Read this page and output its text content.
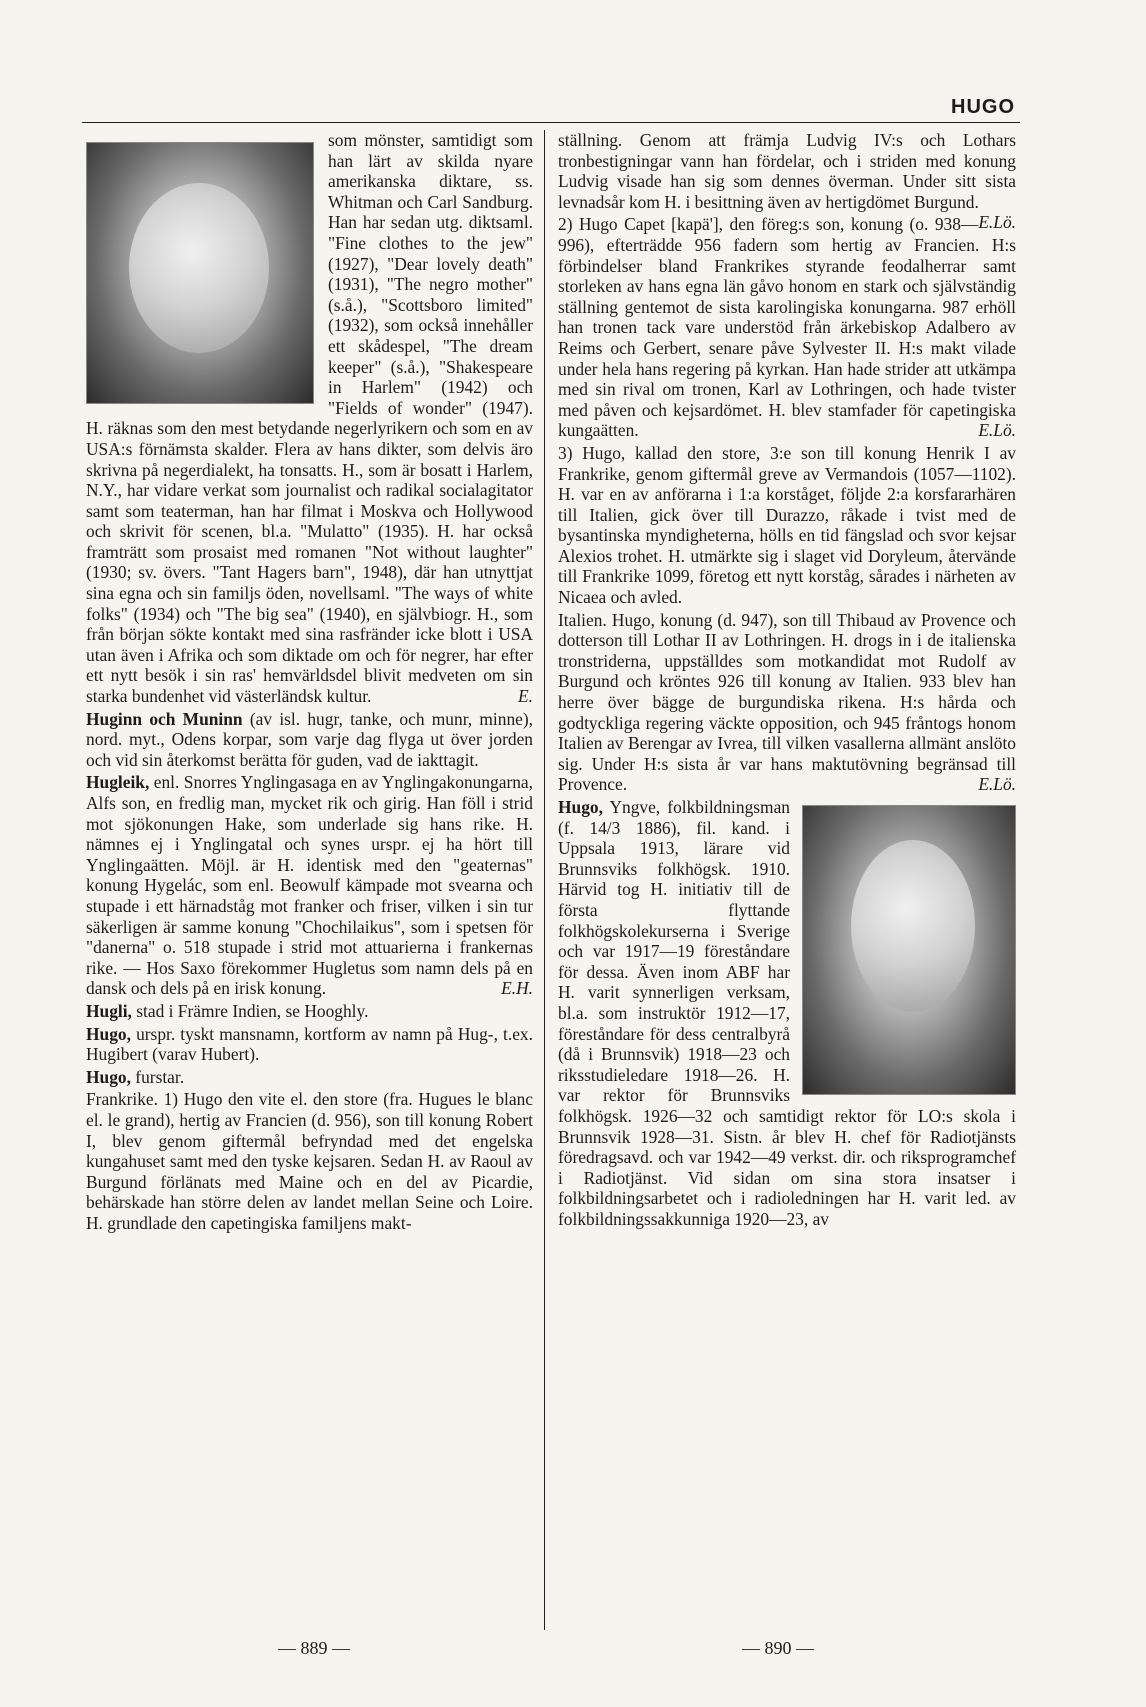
HUGO

som mönster, samtidigt som han lärt av skilda nyare amerikanska diktare, ss. Whitman och Carl Sandburg. Han har sedan utg. diktsaml. "Fine clothes to the jew" (1927), "Dear lovely death" (1931), "The negro mother" (s.å.), "Scottsboro limited" (1932), som också innehåller ett skådespel, "The dream keeper" (s.å.), "Shakespeare in Harlem" (1942) och "Fields of wonder" (1947). H. räknas som den mest betydande negerlyrikern och som en av USA:s förnämsta skalder. Flera av hans dikter, som delvis äro skrivna på negerdialekt, ha tonsatts. H., som är bosatt i Harlem, N.Y., har vidare verkat som journalist och radikal socialagitator samt som teaterman, han har filmat i Moskva och Hollywood och skrivit för scenen, bl.a. "Mulatto" (1935). H. har också framträtt som prosaist med romanen "Not without laughter" (1930; sv. övers. "Tant Hagers barn", 1948), där han utnyttjat sina egna och sin familjs öden, novellsaml. "The ways of white folks" (1934) och "The big sea" (1940), en självbiogr. H., som från början sökte kontakt med sina rasfränder icke blott i USA utan även i Afrika och som diktade om och för negrer, har efter ett nytt besök i sin ras' hemvärldsdel blivit medveten om sin starka bundenhet vid västerländsk kultur.	E.

Huginn och Muninn (av isl. hugr, tanke, och munr, minne), nord. myt., Odens korpar, som varje dag flyga ut över jorden och vid sin återkomst berätta för guden, vad de iakttagit.

Hugleik, enl. Snorres Ynglingasaga en av Ynglingakonungarna, Alfs son, en fredlig man, mycket rik och girig. Han föll i strid mot sjökonungen Hake, som underlade sig hans rike. H. nämnes ej i Ynglingatal och synes urspr. ej ha hört till Ynglingaätten. Möjl. är H. identisk med den "geaternas" konung Hygelác, som enl. Beowulf kämpade mot svearna och stupade i ett härnadståg mot franker och friser, vilken i sin tur säkerligen är samme konung "Chochilaikus", som i spetsen för "danerna" o. 518 stupade i strid mot attuarierna i frankernas rike. — Hos Saxo förekommer Hugletus som namn dels på en dansk och dels på en irisk konung.	E.H.

Hugli, stad i Främre Indien, se Hooghly.

Hugo, urspr. tyskt mansnamn, kortform av namn på Hug-, t.ex. Hugibert (varav Hubert).

Hugo, furstar.

Frankrike. 1) Hugo den vite el. den store (fra. Hugues le blanc el. le grand), hertig av Francien (d. 956), son till konung Robert I, blev genom giftermål befryndad med det engelska kungahuset samt med den tyske kejsaren. Sedan H. av Raoul av Burgund förlänats med Maine och en del av Picardie, behärskade han större delen av landet mellan Seine och Loire. H. grundlade den capetingiska familjens makt-

ställning. Genom att främja Ludvig IV:s och Lothars tronbestigningar vann han fördelar, och i striden med konung Ludvig visade han sig som dennes överman. Under sitt sista levnadsår kom H. i besittning även av hertigdömet Burgund.
E.Lö.

2) Hugo Capet [kapä'], den föreg:s son, konung (o. 938—996), efterträdde 956 fadern som hertig av Francien. H:s förbindelser bland Frankrikes styrande feodalherrar samt storleken av hans egna län gåvo honom en stark och självständig ställning gentemot de sista karolingiska konungarna. 987 erhöll han tronen tack vare understöd från ärkebiskop Adalbero av Reims och Gerbert, senare påve Sylvester II. H:s makt vilade under hela hans regering på kyrkan. Han hade strider att utkämpa med sin rival om tronen, Karl av Lothringen, och hade tvister med påven och kejsardömet. H. blev stamfader för capetingiska kungaätten.	E.Lö.

3) Hugo, kallad den store, 3:e son till konung Henrik I av Frankrike, genom giftermål greve av Vermandois (1057—1102). H. var en av anförarna i 1:a korståget, följde 2:a korsfararhären till Italien, gick över till Durazzo, råkade i tvist med de bysantinska myndigheterna, hölls en tid fängslad och svor kejsar Alexios trohet. H. utmärkte sig i slaget vid Doryleum, återvände till Frankrike 1099, företog ett nytt korståg, sårades i närheten av Nicaea och avled.

Italien. Hugo, konung (d. 947), son till Thibaud av Provence och dotterson till Lothar II av Lothringen. H. drogs in i de italienska tronstriderna, uppställdes som motkandidat mot Rudolf av Burgund och kröntes 926 till konung av Italien. 933 blev han herre över bägge de burgundiska rikena. H:s hårda och godtyckliga regering väckte opposition, och 945 fråntogs honom Italien av Berengar av Ivrea, till vilken vasallerna allmänt anslöto sig. Under H:s sista år var hans maktutövning begränsad till Provence.	E.Lö.

Hugo, Yngve, folkbildningsman (f. 14/3 1886), fil. kand. i Uppsala 1913, lärare vid Brunnsviks folkhögsk. 1910. Härvid tog H. initiativ till de första flyttande folkhögskolekurserna i Sverige och var 1917—19 föreståndare för dessa. Även inom ABF har H. varit synnerligen verksam, bl.a. som instruktör 1912—17, föreståndare för dess centralbyrå (då i Brunnsvik) 1918—23 och riksstudieledare 1918—26. H. var rektor för Brunnsviks folkhögsk. 1926—32 och samtidigt rektor för LO:s skola i Brunnsvik 1928—31. Sistn. år blev H. chef för Radiotjänsts föredragsavd. och var 1942—49 verkst. dir. och riksprogramchef i Radiotjänst. Vid sidan om sina stora insatser i folkbildningsarbetet och i radioledningen har H. varit led. av folkbildningssakkunniga 1920—23, av

— 889 —	— 890 —
